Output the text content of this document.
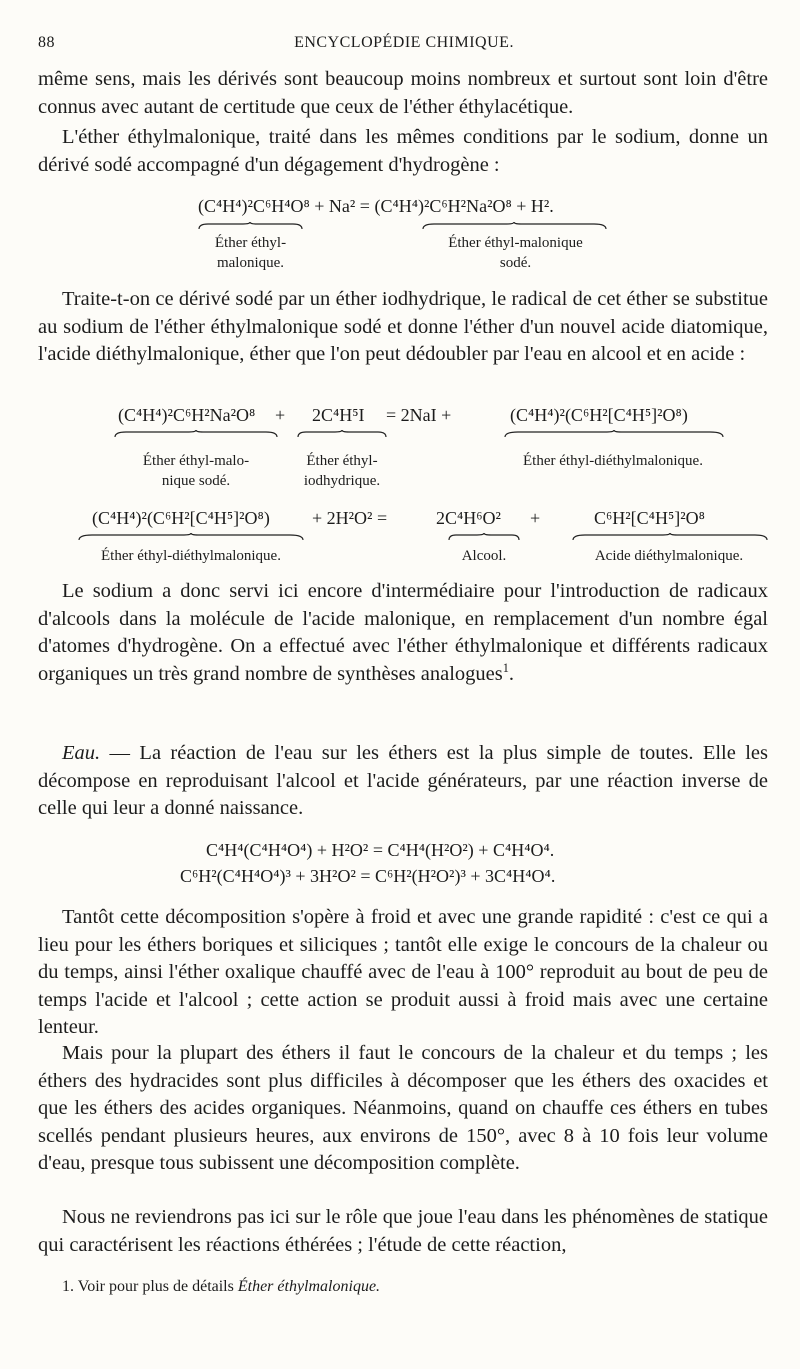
88	ENCYCLOPÉDIE CHIMIQUE.

même sens, mais les dérivés sont beaucoup moins nombreux et surtout sont loin d'être connus avec autant de certitude que ceux de l'éther éthylacétique.

L'éther éthylmalonique, traité dans les mêmes conditions par le sodium, donne un dérivé sodé accompagné d'un dégagement d'hydrogène :

(C⁴H⁴)²C⁶H⁴O⁸ + Na² = (C⁴H⁴)²C⁶H²Na²O⁸ + H².
Éther éthyl-
malonique.
Éther éthyl-malonique
sodé.

Traite-t-on ce dérivé sodé par un éther iodhydrique, le radical de cet éther se substitue au sodium de l'éther éthylmalonique sodé et donne l'éther d'un nouvel acide diatomique, l'acide diéthylmalonique, éther que l'on peut dédoubler par l'eau en alcool et en acide :

(C⁴H⁴)²C⁶H²Na²O⁸ + 2C⁴H⁵I = 2NaI +	(C⁴H⁴)²(C⁶H²[C⁴H⁵]²O⁸)
Éther éthyl-malo-
nique sodé.
Éther éthyl-
iodhydrique.
Éther éthyl-diéthylmalonique.
(C⁴H⁴)²(C⁶H²[C⁴H⁵]²O⁸) + 2H²O² =	2C⁴H⁶O² +	C⁶H²[C⁴H⁵]²O⁸
Éther éthyl-diéthylmalonique.	Alcool.	Acide diéthylmalonique.

Le sodium a donc servi ici encore d'intermédiaire pour l'introduction de radicaux d'alcools dans la molécule de l'acide malonique, en remplacement d'un nombre égal d'atomes d'hydrogène. On a effectué avec l'éther éthylmalonique et différents radicaux organiques un très grand nombre de synthèses analogues$^1$.

Eau. — La réaction de l'eau sur les éthers est la plus simple de toutes. Elle les décompose en reproduisant l'alcool et l'acide générateurs, par une réaction inverse de celle qui leur a donné naissance.

C⁴H⁴(C⁴H⁴O⁴) + H²O² = C⁴H⁴(H²O²) + C⁴H⁴O⁴.
C⁶H²(C⁴H⁴O⁴)³ + 3H²O² = C⁶H²(H²O²)³ + 3C⁴H⁴O⁴.

Tantôt cette décomposition s'opère à froid et avec une grande rapidité : c'est ce qui a lieu pour les éthers boriques et siliciques ; tantôt elle exige le concours de la chaleur ou du temps, ainsi l'éther oxalique chauffé avec de l'eau à 100° reproduit au bout de peu de temps l'acide et l'alcool ; cette action se produit aussi à froid mais avec une certaine lenteur.

Mais pour la plupart des éthers il faut le concours de la chaleur et du temps ; les éthers des hydracides sont plus difficiles à décomposer que les éthers des oxacides et que les éthers des acides organiques. Néanmoins, quand on chauffe ces éthers en tubes scellés pendant plusieurs heures, aux environs de 150°, avec 8 à 10 fois leur volume d'eau, presque tous subissent une décomposition complète.

Nous ne reviendrons pas ici sur le rôle que joue l'eau dans les phénomènes de statique qui caractérisent les réactions éthérées ; l'étude de cette réaction,

1. Voir pour plus de détails Éther éthylmalonique.
